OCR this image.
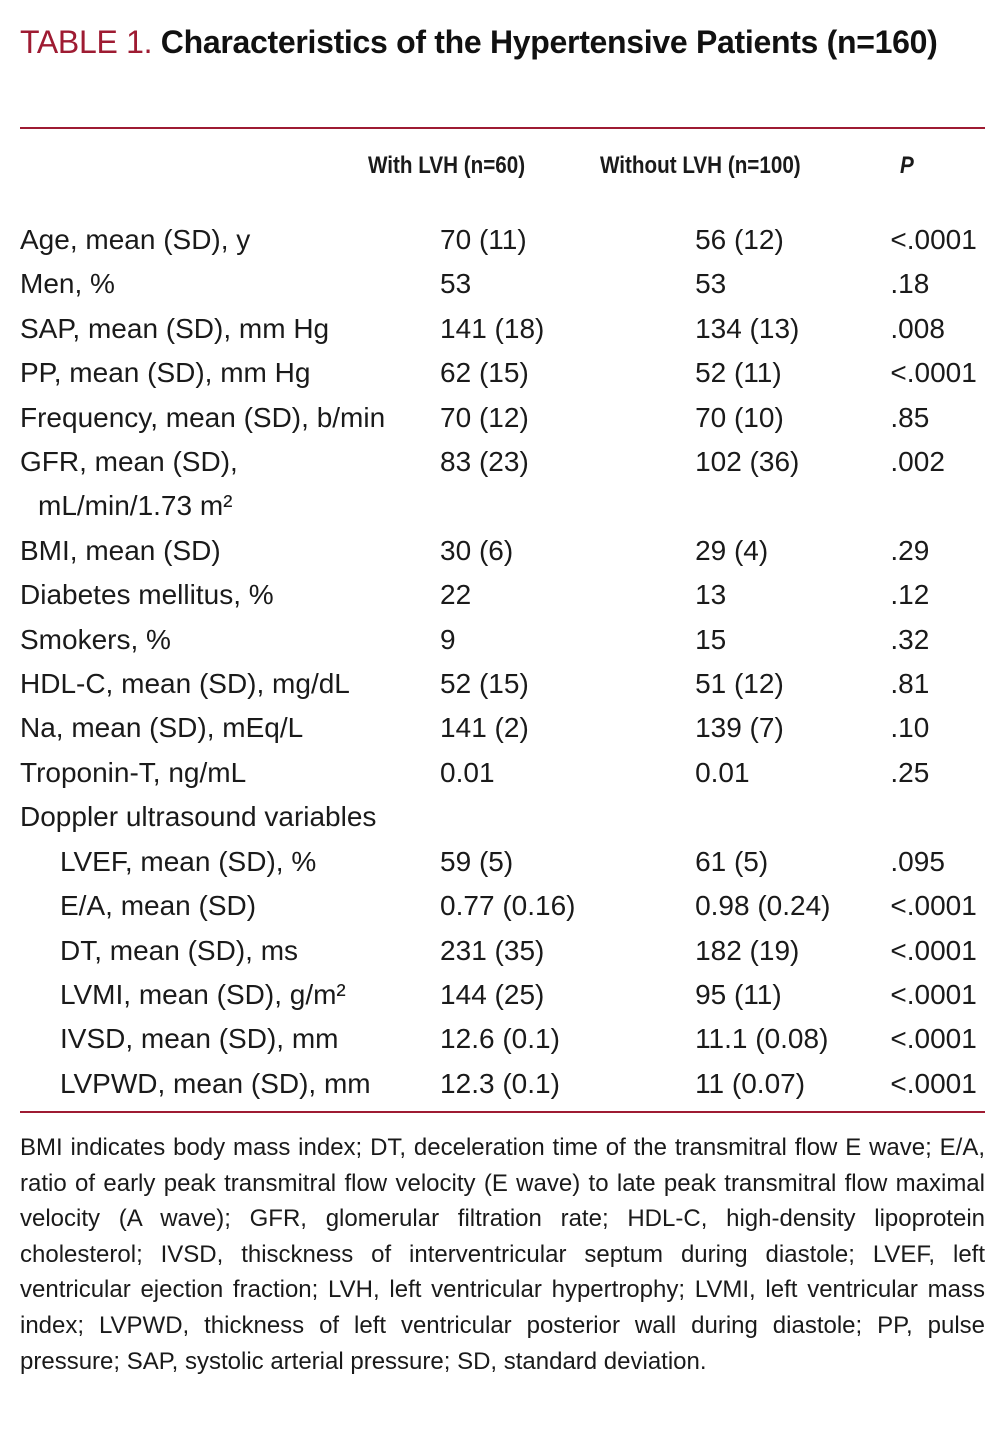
TABLE 1. Characteristics of the Hypertensive Patients (n=160)
With LVH (n=60)	Without LVH (n=100)	P
Age, mean (SD), y	70 (11)	56 (12)	<.0001
Men, %	53	53	.18
SAP, mean (SD), mm Hg	141 (18)	134 (13)	.008
PP, mean (SD), mm Hg	62 (15)	52 (11)	<.0001
Frequency, mean (SD), b/min	70 (12)	70 (10)	.85
GFR, mean (SD),	83 (23)	102 (36)	.002
mL/min/1.73 m²			
BMI, mean (SD)	30 (6)	29 (4)	.29
Diabetes mellitus, %	22	13	.12
Smokers, %	9	15	.32
HDL-C, mean (SD), mg/dL	52 (15)	51 (12)	.81
Na, mean (SD), mEq/L	141 (2)	139 (7)	.10
Troponin-T, ng/mL	0.01	0.01	.25
Doppler ultrasound variables			
LVEF, mean (SD), %	59 (5)	61 (5)	.095
E/A, mean (SD)	0.77 (0.16)	0.98 (0.24)	<.0001
DT, mean (SD), ms	231 (35)	182 (19)	<.0001
LVMI, mean (SD), g/m²	144 (25)	95 (11)	<.0001
IVSD, mean (SD), mm	12.6 (0.1)	11.1 (0.08)	<.0001
LVPWD, mean (SD), mm	12.3 (0.1)	11 (0.07)	<.0001
BMI indicates body mass index; DT, deceleration time of the transmitral flow E wave; E/A, ratio of early peak transmitral flow velocity (E wave) to late peak transmitral flow maximal velocity (A wave); GFR, glomerular filtration rate; HDL-C, high-density lipoprotein cholesterol; IVSD, thisckness of interventricular septum during diastole; LVEF, left ventricular ejection fraction; LVH, left ventricular hypertrophy; LVMI, left ventricular mass index; LVPWD, thickness of left ventricular posterior wall during diastole; PP, pulse pressure; SAP, systolic arterial pressure; SD, standard deviation.
